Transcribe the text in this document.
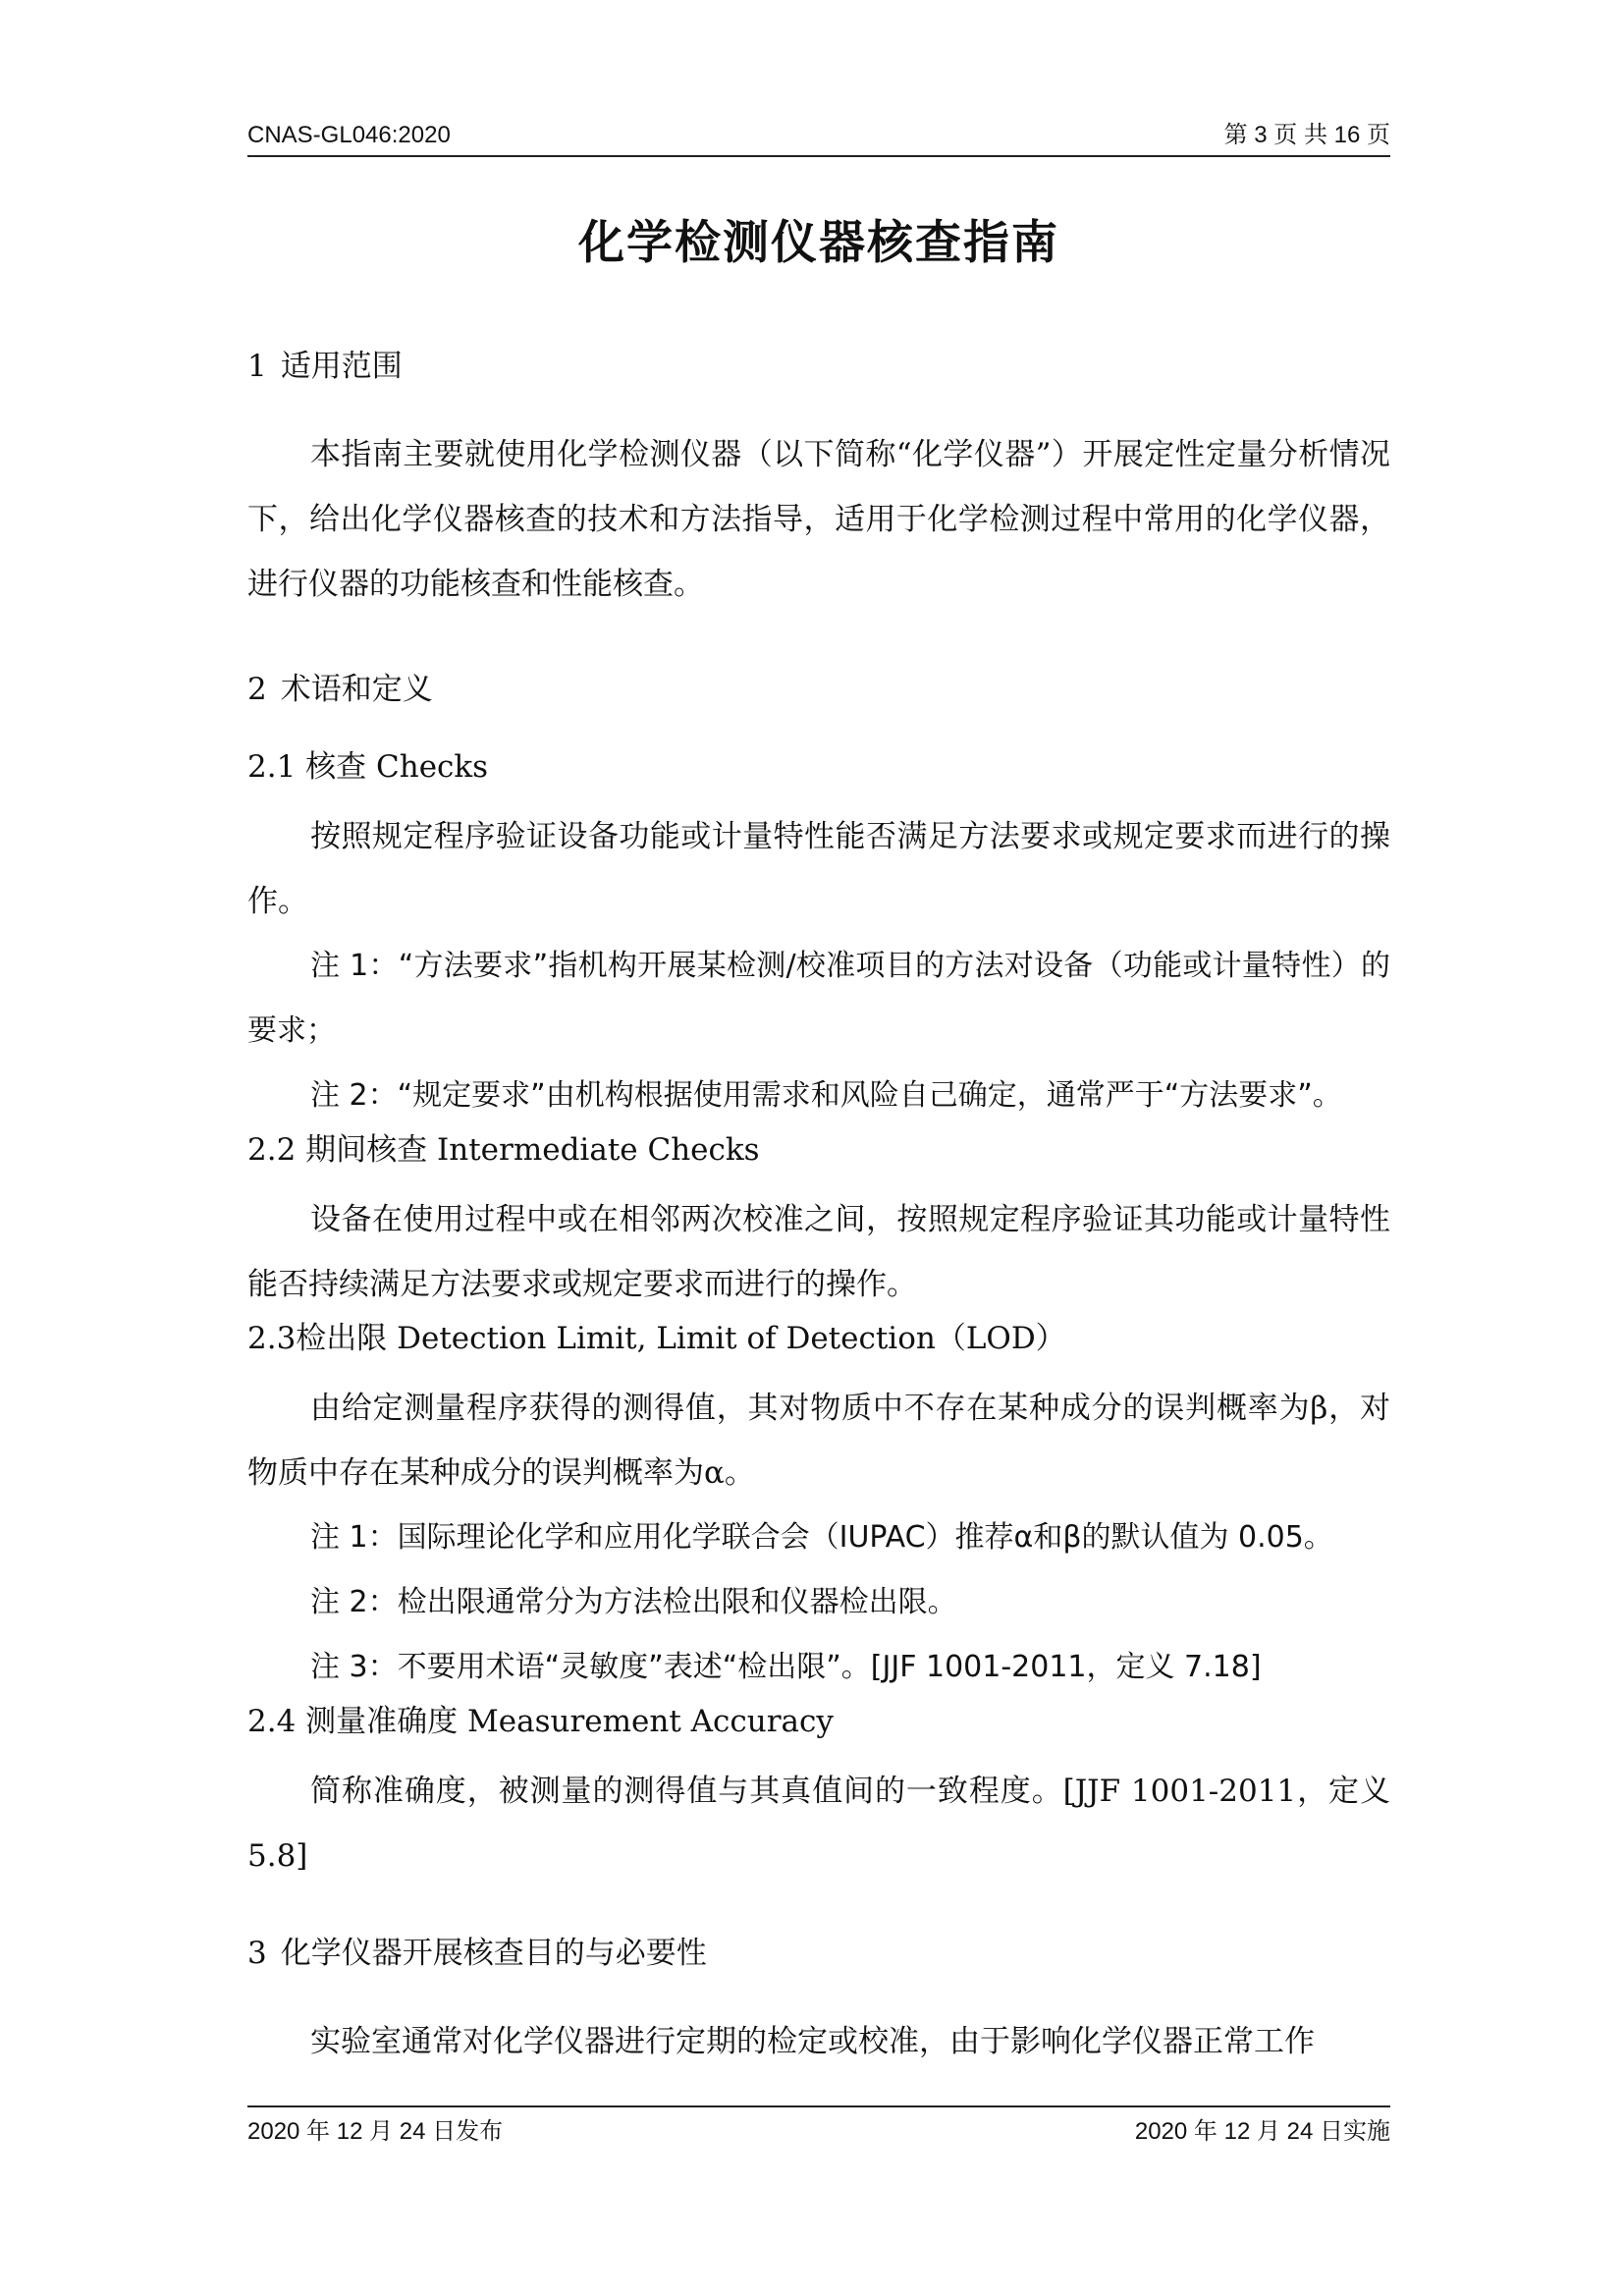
CNAS-GL046:2020	第 3 页 共 16 页
化学检测仪器核查指南
1 适用范围

本指南主要就使用化学检测仪器（以下简称“化学仪器”）开展定性定量分析情况下，给出化学仪器核查的技术和方法指导，适用于化学检测过程中常用的化学仪器，进行仪器的功能核查和性能核查。

2 术语和定义
2.1 核查 Checks

按照规定程序验证设备功能或计量特性能否满足方法要求或规定要求而进行的操作。

注 1：“方法要求”指机构开展某检测/校准项目的方法对设备（功能或计量特性）的要求；

注 2：“规定要求”由机构根据使用需求和风险自己确定，通常严于“方法要求”。

2.2 期间核查 Intermediate Checks

设备在使用过程中或在相邻两次校准之间，按照规定程序验证其功能或计量特性能否持续满足方法要求或规定要求而进行的操作。

2.3检出限 Detection Limit, Limit of Detection（LOD）

由给定测量程序获得的测得值，其对物质中不存在某种成分的误判概率为β，对物质中存在某种成分的误判概率为α。

注 1：国际理论化学和应用化学联合会（IUPAC）推荐α和β的默认值为 0.05。

注 2：检出限通常分为方法检出限和仪器检出限。

注 3：不要用术语“灵敏度”表述“检出限”。[JJF 1001-2011，定义 7.18]

2.4 测量准确度 Measurement Accuracy

简称准确度，被测量的测得值与其真值间的一致程度。[JJF 1001-2011，定义 5.8]

3 化学仪器开展核查目的与必要性

实验室通常对化学仪器进行定期的检定或校准，由于影响化学仪器正常工作

2020 年 12 月 24 日发布	2020 年 12 月 24 日实施
